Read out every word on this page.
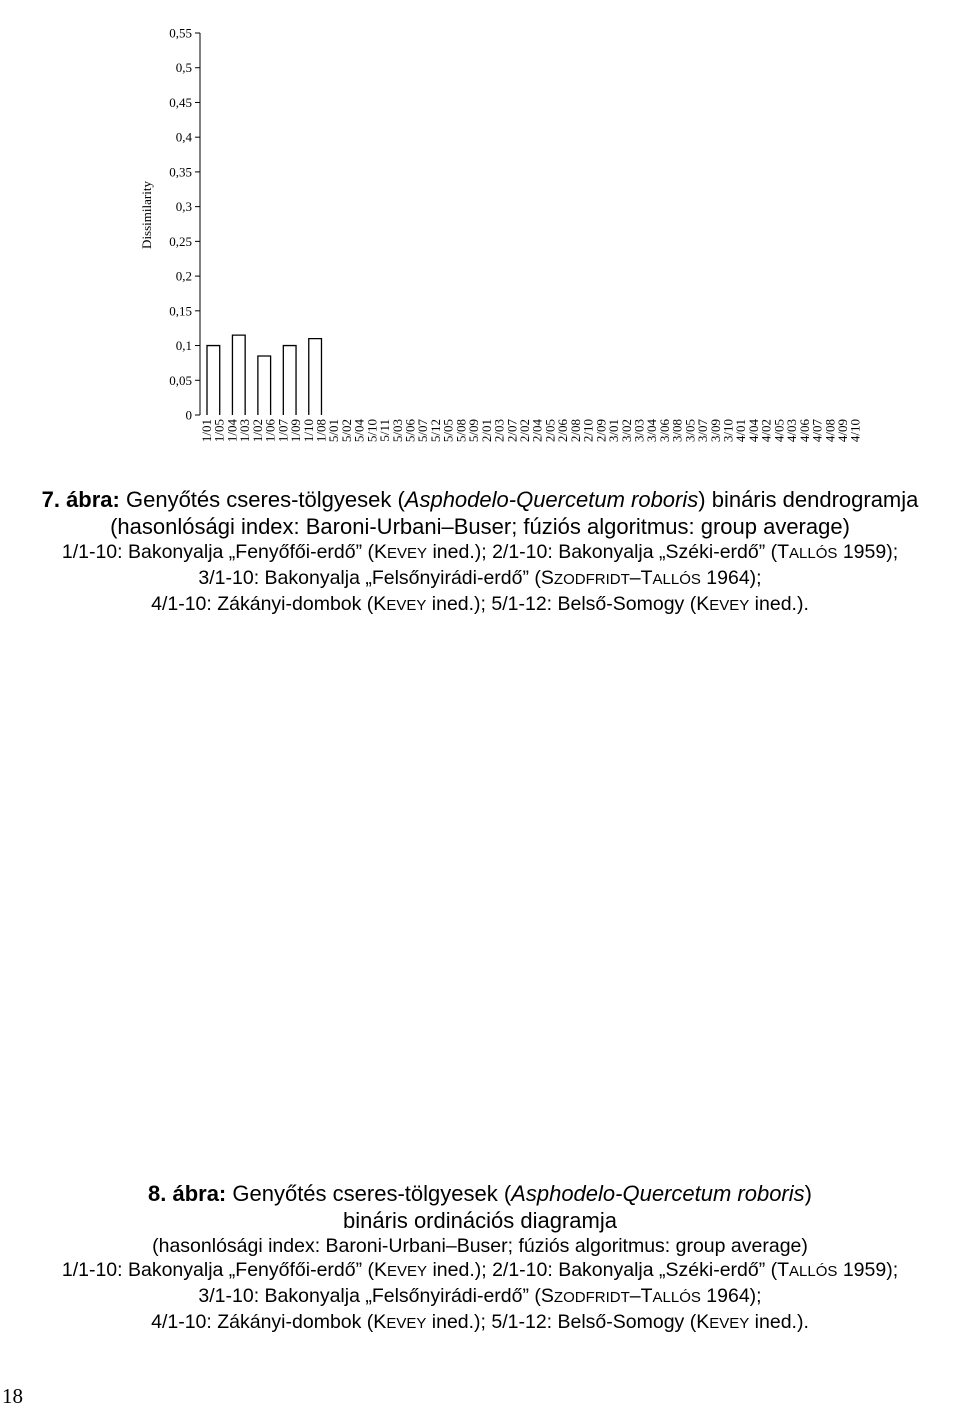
0
0,05
0,1
0,15
0,2
0,25
0,3
0,35
0,4
0,45
0,5
0,55
1/01
1/05
1/04
1/03
1/02
1/06
1/07
1/09
1/10
1/08
5/01
5/02
5/04
5/10
5/11
5/03
5/06
5/07
5/12
5/05
5/08
5/09
2/01
2/03
2/07
2/02
2/04
2/05
2/06
2/08
2/10
2/09
3/01
3/02
3/03
3/04
3/06
3/08
3/05
3/07
3/09
3/10
4/01
4/04
4/02
4/05
4/03
4/06
4/07
4/08
4/09
4/10
Dissimilarity
7. ábra: Genyőtés cseres-tölgyesek (Asphodelo-Quercetum roboris) bináris dendrogramja
(hasonlósági index: Baroni-Urbani–Buser; fúziós algoritmus: group average)
1/1-10: Bakonyalja „Fenyőfői-erdő” (KEVEY ined.); 2/1-10: Bakonyalja „Széki-erdő” (TALLÓS 1959);
3/1-10: Bakonyalja „Felsőnyirádi-erdő” (SZODFRIDT–TALLÓS 1964);
4/1-10: Zákányi-dombok (KEVEY ined.); 5/1-12: Belső-Somogy (KEVEY ined.).
8. ábra: Genyőtés cseres-tölgyesek (Asphodelo-Quercetum roboris)
bináris ordinációs diagramja
(hasonlósági index: Baroni-Urbani–Buser; fúziós algoritmus: group average)
1/1-10: Bakonyalja „Fenyőfői-erdő” (KEVEY ined.); 2/1-10: Bakonyalja „Széki-erdő” (TALLÓS 1959);
3/1-10: Bakonyalja „Felsőnyirádi-erdő” (SZODFRIDT–TALLÓS 1964);
4/1-10: Zákányi-dombok (KEVEY ined.); 5/1-12: Belső-Somogy (KEVEY ined.).
18
